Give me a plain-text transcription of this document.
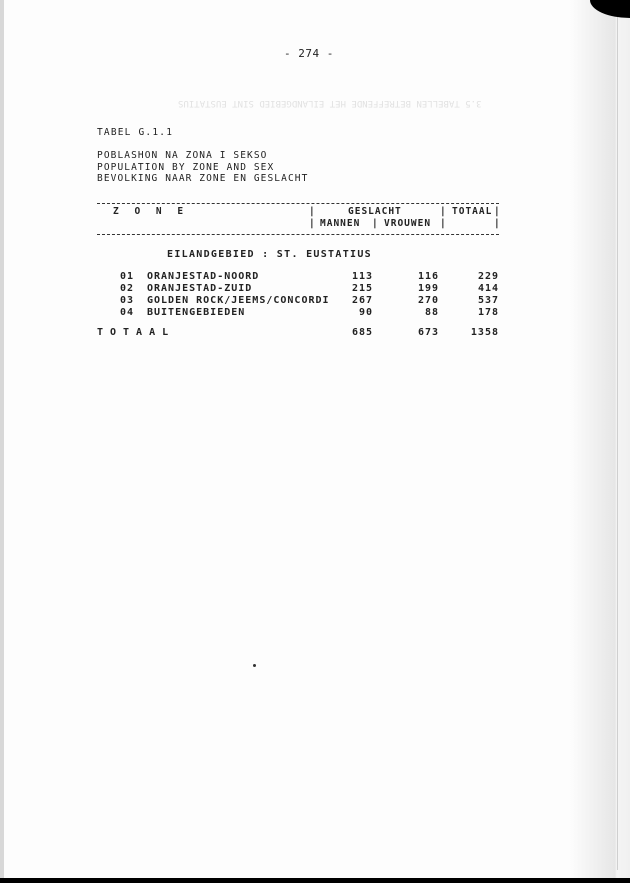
3.5 TABELLEN BETREFFENDE HET EILANDGEBIED SINT EUSTATIUS
- 274 -
TABEL G.1.1
POBLASHON NA ZONA I SEKSO
POPULATION BY ZONE AND SEX
BEVOLKING NAAR ZONE EN GESLACHT
Z O N E	|	GESLACHT	| TOTAAL |
| MANNEN | VROUWEN |	|
EILANDGEBIED : ST. EUSTATIUS
01 ORANJESTAD-NOORD	113	116	229
02 ORANJESTAD-ZUID	215	199	414
03 GOLDEN ROCK/JEEMS/CONCORDI	267	270	537
04 BUITENGEBIEDEN	90	88	178
TOTAAL	685	673	1358
